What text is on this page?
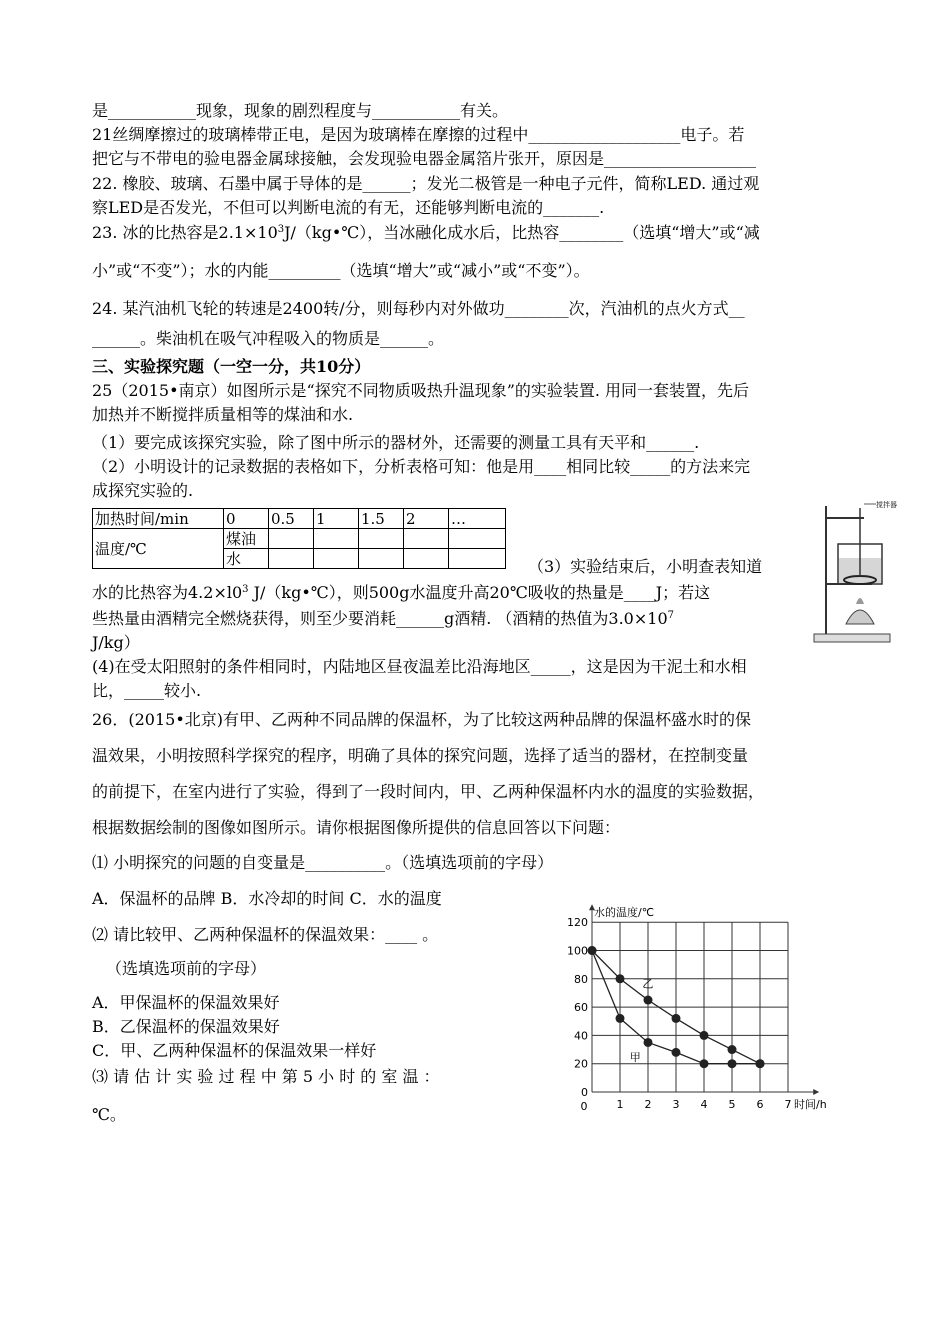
是___________现象，现象的剧烈程度与___________有关。
21丝绸摩擦过的玻璃棒带正电，是因为玻璃棒在摩擦的过程中___________________电子。若
把它与不带电的验电器金属球接触，会发现验电器金属箔片张开，原因是___________________
22. 橡胶、玻璃、石墨中属于导体的是______；发光二极管是一种电子元件，简称LED. 通过观
察LED是否发光，不但可以判断电流的有无，还能够判断电流的_______.
23. 冰的比热容是$2.1\times 10^3J/(kg•℃)$，当冰融化成水后，比热容________（选填“增大”或“减
小”或“不变”）；水的内能_________（选填“增大”或“减小”或“不变”）。
24. 某汽油机飞轮的转速是2400转/分，则每秒内对外做功________次，汽油机的点火方式__
______。柴油机在吸气冲程吸入的物质是______。
三、实验探究题（一空一分，共10分）
25（2015•南京）如图所示是“探究不同物质吸热升温现象”的实验装置. 用同一套装置，先后
加热并不断搅拌质量相等的煤油和水.
（1）要完成该探究实验，除了图中所示的器材外，还需要的测量工具有天平和______.
（2）小明设计的记录数据的表格如下，分析表格可知：他是用____相同比较_____的方法来完
成探究实验的.
加热时间/min	0	0.5	1	1.5	2	…
温度/℃	煤油					
	水						（3）实验结束后，小明查表知道
水的比热容为$4.2\times l0^3$ J/（kg•℃），则500g水温度升高20℃吸收的热量是____J；若这
些热量由酒精完全燃烧获得，则至少要消耗______g酒精. （酒精的热值为$3.0\times 10^7$
J/kg）
(4)在受太阳照射的条件相同时，内陆地区昼夜温差比沿海地区_____，这是因为干泥土和水相
比，_____较小.
26．(2015•北京)有甲、乙两种不同品牌的保温杯，为了比较这两种品牌的保温杯盛水时的保
温效果，小明按照科学探究的程序，明确了具体的探究问题，选择了适当的器材，在控制变量
的前提下，在室内进行了实验，得到了一段时间内，甲、乙两种保温杯内水的温度的实验数据，
根据数据绘制的图像如图所示。请你根据图像所提供的信息回答以下问题：
⑴ 小明探究的问题的自变量是__________。（选填选项前的字母）
A．保温杯的品牌 B．水冷却的时间 C．水的温度
⑵ 请比较甲、乙两种保温杯的保温效果：____ 。
（选填选项前的字母）
A．甲保温杯的保温效果好
B．乙保温杯的保温效果好
C．甲、乙两种保温杯的保温效果一样好
⑶ 请 估 计 实 验 过 程 中 第 5 小 时 的 室 温 ：
℃。
搅拌器
0
20
40
60
80
100
120
0	1 2 3 4 5 6 7
水的温度/℃
时间/h
乙
甲
